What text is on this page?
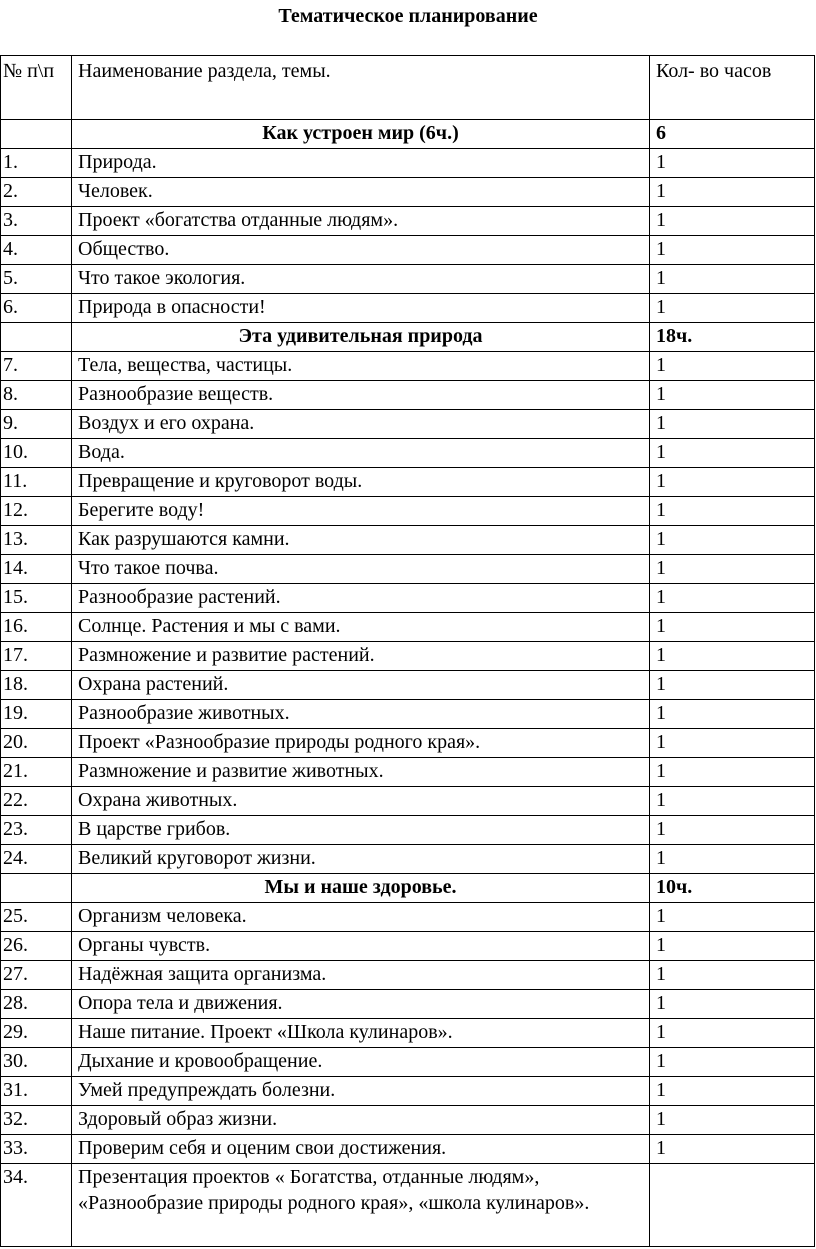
Тематическое планирование
№ п\п	Наименование раздела, темы.	Кол- во часов
	Как устроен мир (6ч.)	6
1.	Природа.	1
2.	Человек.	1
3.	Проект «богатства отданные людям».	1
4.	Общество.	1
5.	Что такое экология.	1
6.	Природа в опасности!	1
	Эта удивительная природа	18ч.
7.	Тела, вещества, частицы.	1
8.	Разнообразие веществ.	1
9.	Воздух и его охрана.	1
10.	Вода.	1
11.	Превращение и круговорот воды.	1
12.	Берегите воду!	1
13.	Как разрушаются камни.	1
14.	Что такое почва.	1
15.	Разнообразие растений.	1
16.	Солнце. Растения и мы с вами.	1
17.	Размножение и развитие растений.	1
18.	Охрана растений.	1
19.	Разнообразие животных.	1
20.	Проект «Разнообразие природы родного края».	1
21.	Размножение и развитие животных.	1
22.	Охрана животных.	1
23.	В царстве грибов.	1
24.	Великий круговорот жизни.	1
	Мы и наше здоровье.	10ч.
25.	Организм человека.	1
26.	Органы чувств.	1
27.	Надёжная защита организма.	1
28.	Опора тела и движения.	1
29.	Наше питание. Проект «Школа кулинаров».	1
30.	Дыхание и кровообращение.	1
31.	Умей предупреждать болезни.	1
32.	Здоровый образ жизни.	1
33.	Проверим себя и оценим свои достижения.	1
34.	Презентация проектов « Богатства, отданные людям», «Разнообразие природы родного края», «школа кулинаров».	
